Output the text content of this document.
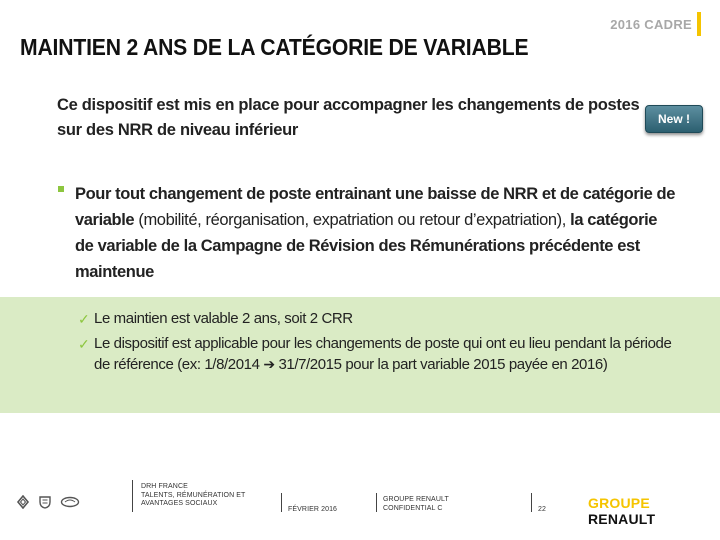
2016 CADRE
MAINTIEN 2 ANS DE LA CATÉGORIE DE VARIABLE
Ce dispositif est mis en place pour accompagner les changements de postes sur des NRR de niveau inférieur
New !
Pour tout changement de poste entrainant une baisse de NRR et de catégorie de variable (mobilité, réorganisation, expatriation ou retour d’expatriation), la catégorie de variable de la Campagne de Révision des Rémunérations précédente est maintenue
✓ Le maintien est valable 2 ans, soit 2 CRR
✓ Le dispositif est applicable pour les changements de poste qui ont eu lieu pendant la période de référence (ex: 1/8/2014 ➔ 31/7/2015 pour la part variable 2015 payée en 2016)
DRH FRANCE
TALENTS, RÉMUNÉRATION ET
AVANTAGES SOCIAUX
FÉVRIER 2016
GROUPE RENAULT
CONFIDENTIAL C	22	GROUPE RENAULT
